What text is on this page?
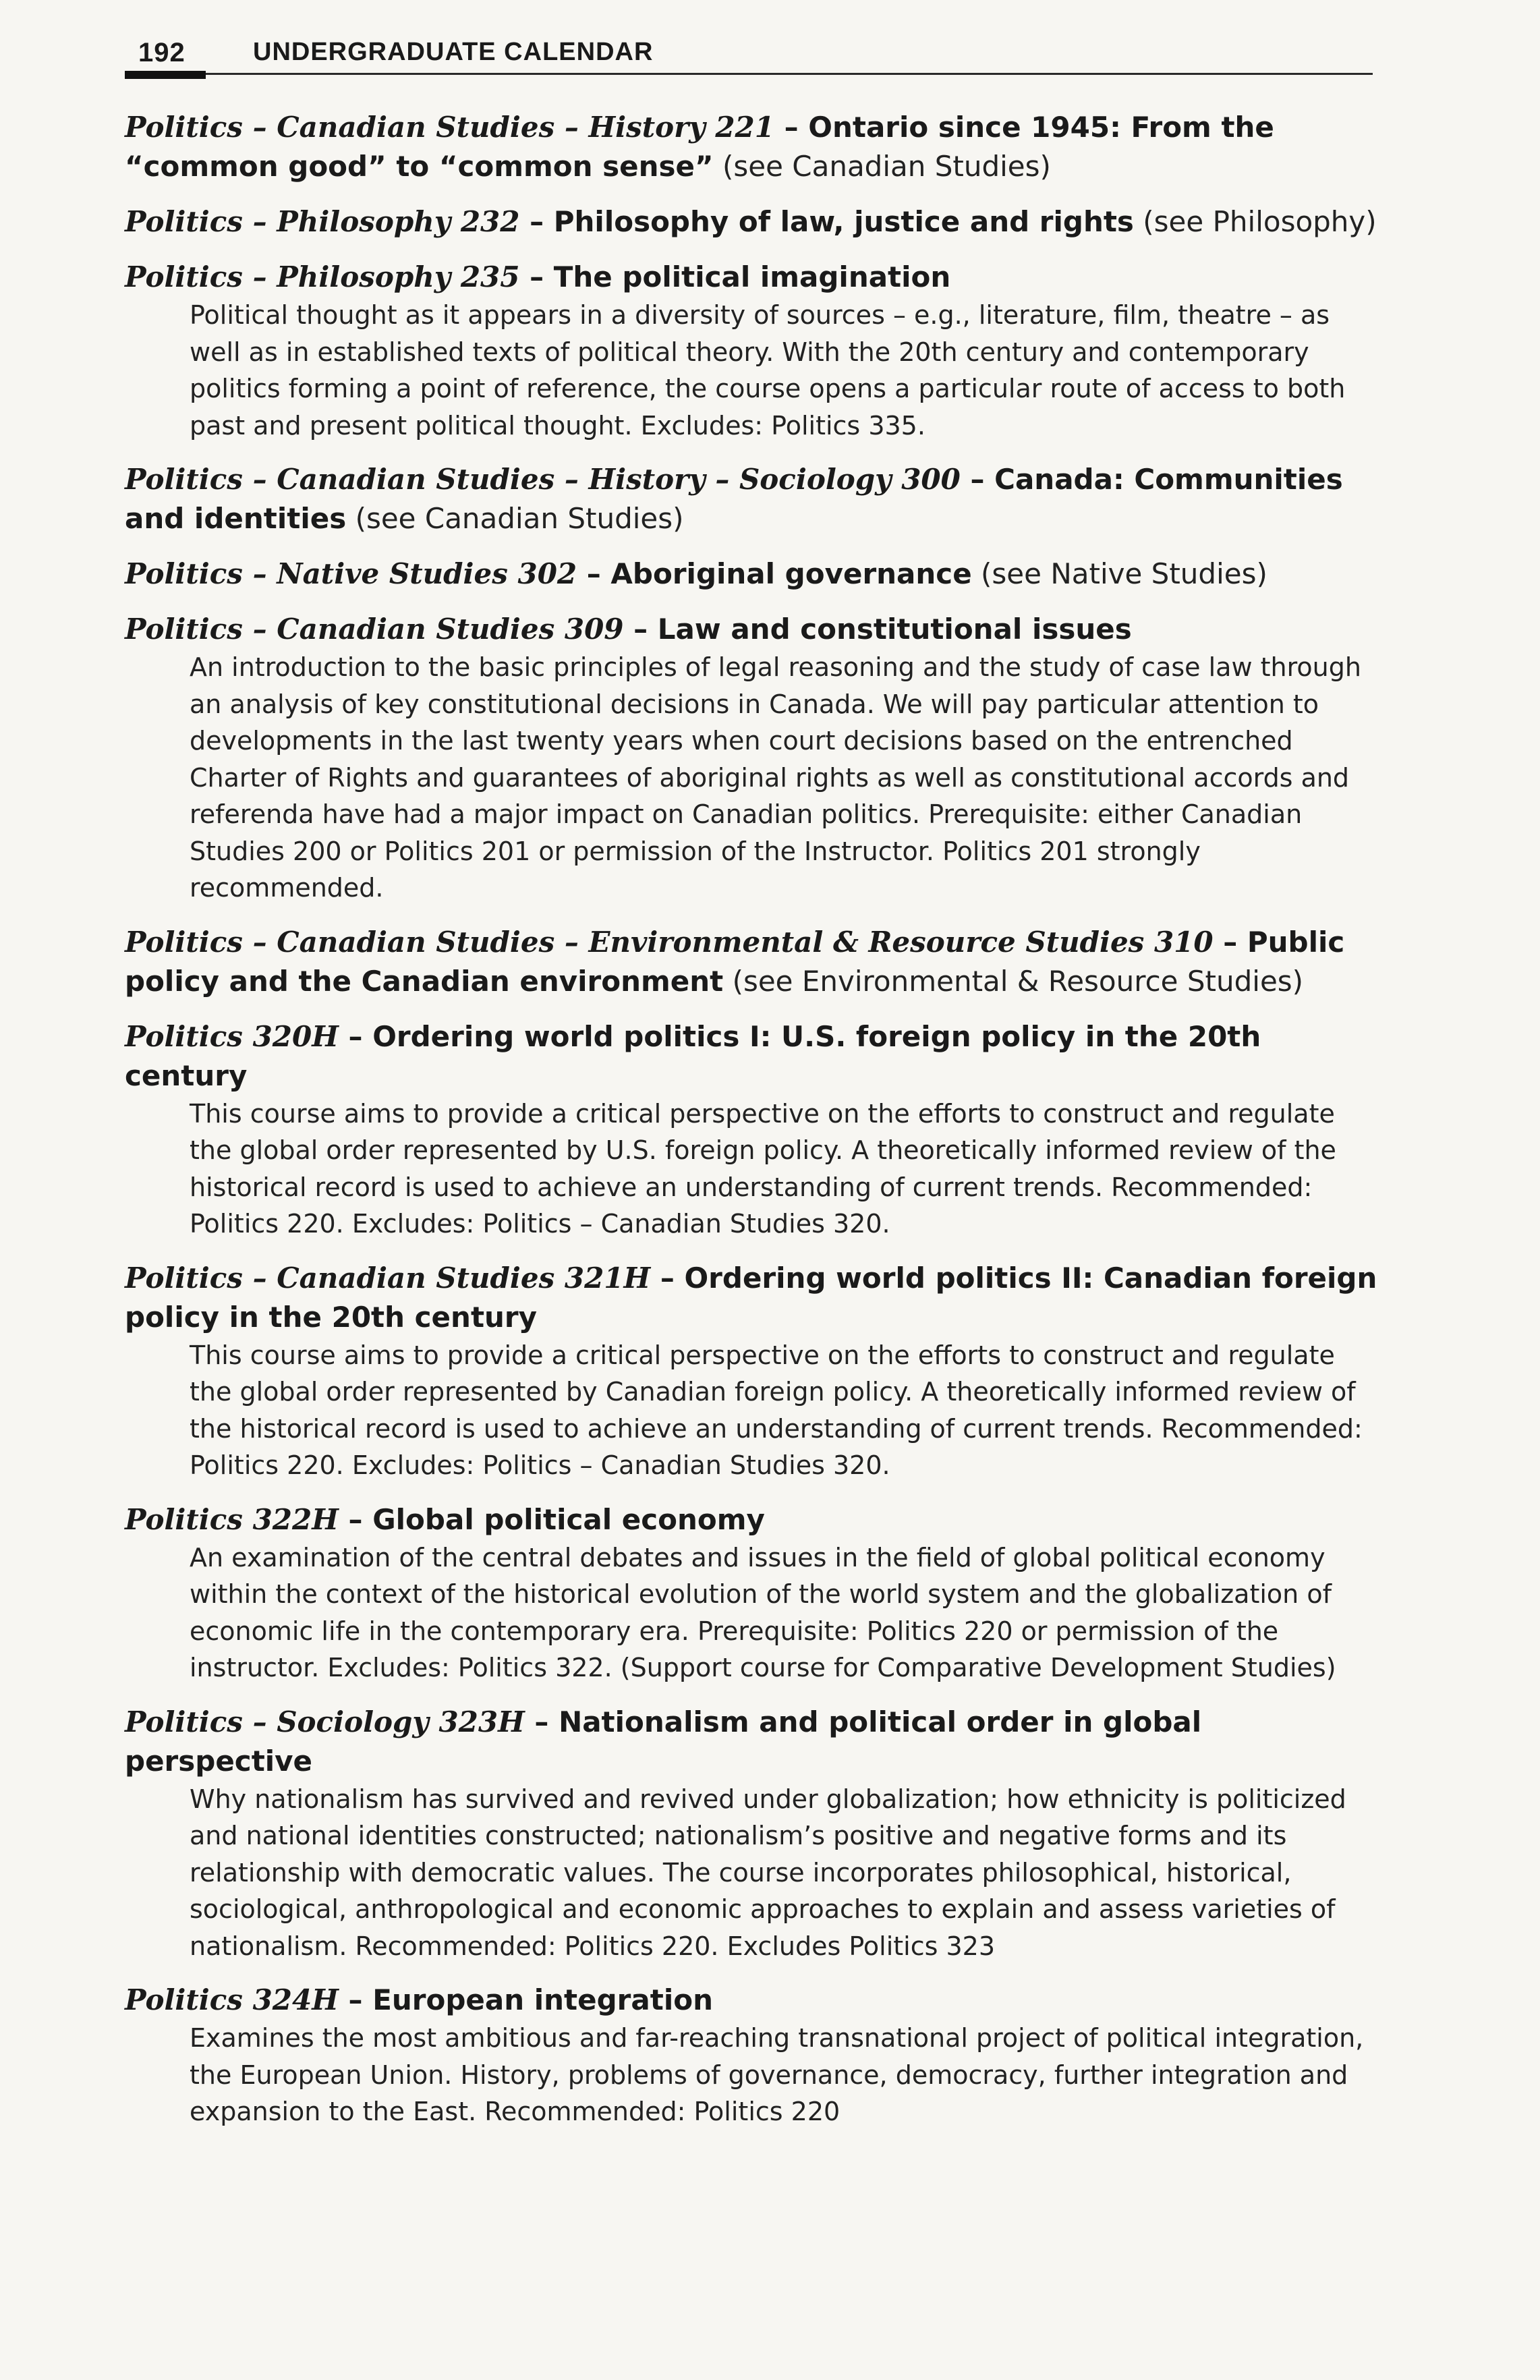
192	UNDERGRADUATE CALENDAR
Politics – Canadian Studies – History 221 – Ontario since 1945: From the “common good” to “common sense” (see Canadian Studies)
Politics – Philosophy 232 – Philosophy of law, justice and rights (see Philosophy)
Politics – Philosophy 235 – The political imagination
Political thought as it appears in a diversity of sources – e.g., literature, film, theatre – as well as in established texts of political theory. With the 20th century and contemporary politics forming a point of reference, the course opens a particular route of access to both past and present political thought. Excludes: Politics 335.
Politics – Canadian Studies – History – Sociology 300 – Canada: Communities and identities (see Canadian Studies)
Politics – Native Studies 302 – Aboriginal governance (see Native Studies)
Politics – Canadian Studies 309 – Law and constitutional issues
An introduction to the basic principles of legal reasoning and the study of case law through an analysis of key constitutional decisions in Canada. We will pay particular attention to developments in the last twenty years when court decisions based on the entrenched Charter of Rights and guarantees of aboriginal rights as well as constitutional accords and referenda have had a major impact on Canadian politics. Prerequisite: either Canadian Studies 200 or Politics 201 or permission of the Instructor. Politics 201 strongly recommended.
Politics – Canadian Studies – Environmental & Resource Studies 310 – Public policy and the Canadian environment (see Environmental & Resource Studies)
Politics 320H – Ordering world politics I: U.S. foreign policy in the 20th century
This course aims to provide a critical perspective on the efforts to construct and regulate the global order represented by U.S. foreign policy. A theoretically informed review of the historical record is used to achieve an understanding of current trends. Recommended: Politics 220. Excludes: Politics – Canadian Studies 320.
Politics – Canadian Studies 321H – Ordering world politics II: Canadian foreign policy in the 20th century
This course aims to provide a critical perspective on the efforts to construct and regulate the global order represented by Canadian foreign policy. A theoretically informed review of the historical record is used to achieve an understanding of current trends. Recommended: Politics 220. Excludes: Politics – Canadian Studies 320.
Politics 322H – Global political economy
An examination of the central debates and issues in the field of global political economy within the context of the historical evolution of the world system and the globalization of economic life in the contemporary era. Prerequisite: Politics 220 or permission of the instructor. Excludes: Politics 322. (Support course for Comparative Development Studies)
Politics – Sociology 323H – Nationalism and political order in global perspective
Why nationalism has survived and revived under globalization; how ethnicity is politicized and national identities constructed; nationalism’s positive and negative forms and its relationship with democratic values. The course incorporates philosophical, historical, sociological, anthropological and economic approaches to explain and assess varieties of nationalism. Recommended: Politics 220. Excludes Politics 323
Politics 324H – European integration
Examines the most ambitious and far-reaching transnational project of political integration, the European Union. History, problems of governance, democracy, further integration and expansion to the East. Recommended: Politics 220
